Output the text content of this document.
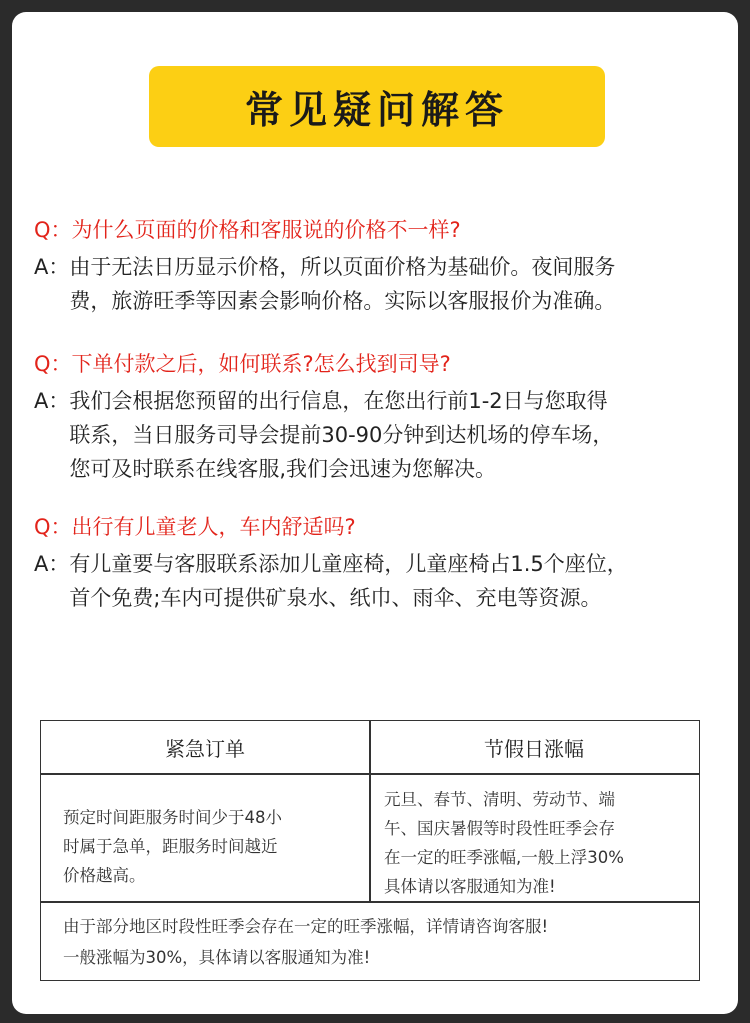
常见疑问解答
Q：为什么页面的价格和客服说的价格不一样?
A： 由于无法日历显示价格，所以页面价格为基础价。夜间服务
费，旅游旺季等因素会影响价格。实际以客服报价为准确。
Q：下单付款之后，如何联系?怎么找到司导?
A： 我们会根据您预留的出行信息，在您出行前1-2日与您取得
联系，当日服务司导会提前30-90分钟到达机场的停车场，
您可及时联系在线客服,我们会迅速为您解决。
Q：出行有儿童老人，车内舒适吗?
A： 有儿童要与客服联系添加儿童座椅，儿童座椅占1.5个座位，
首个免费;车内可提供矿泉水、纸巾、雨伞、充电等资源。
紧急订单	节假日涨幅
预定时间距服务时间少于48小
时属于急单，距服务时间越近
价格越高。
元旦、春节、清明、劳动节、端
午、国庆暑假等时段性旺季会存
在一定的旺季涨幅,一般上浮30%
具体请以客服通知为准!
由于部分地区时段性旺季会存在一定的旺季涨幅，详情请咨询客服!
一般涨幅为30%，具体请以客服通知为准!
